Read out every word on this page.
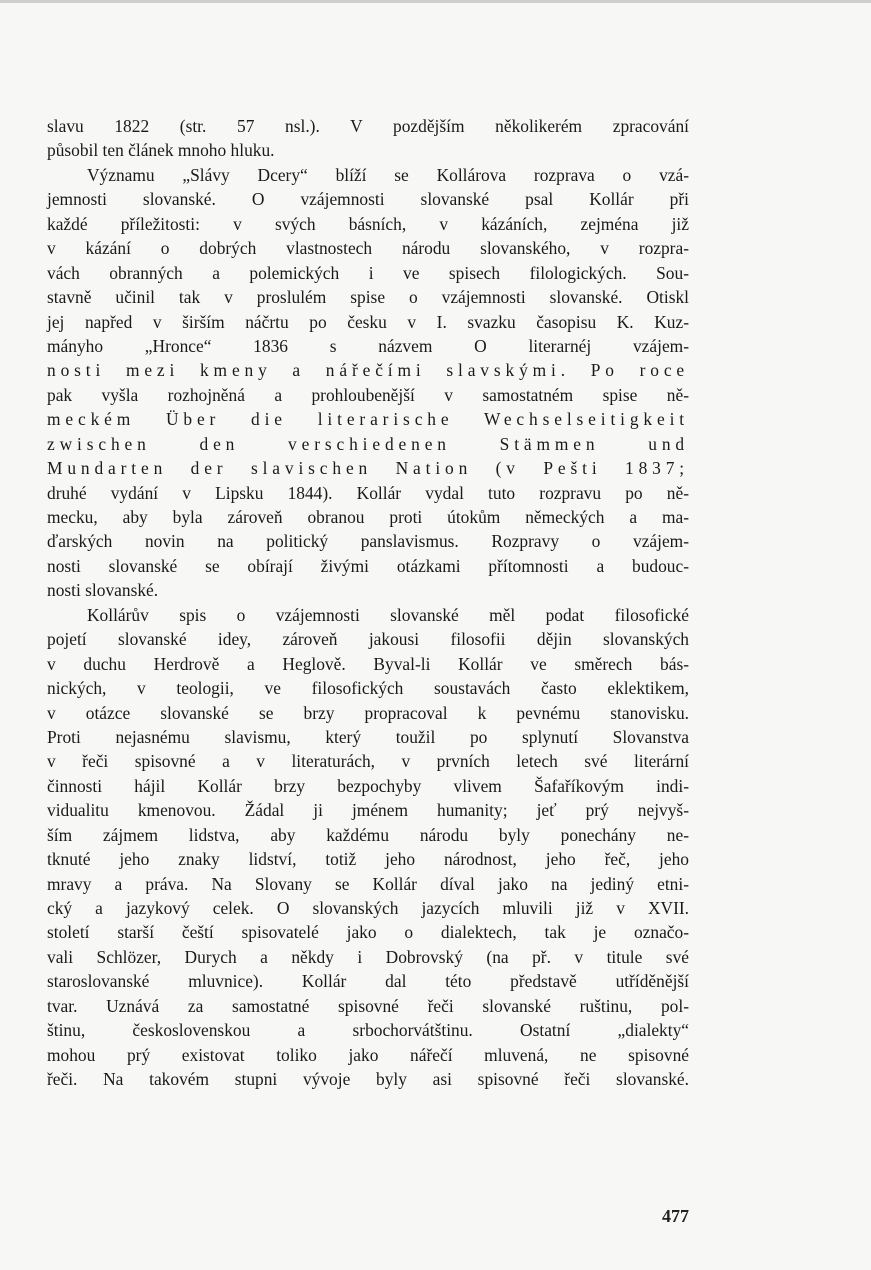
slavu 1822 (str. 57 nsl.). V pozdějším několikerém zpracování
působil ten článek mnoho hluku.
Významu „Slávy Dcery“ blíží se Kollárova rozprava o vzá-
jemnosti slovanské. O vzájemnosti slovanské psal Kollár při
každé příležitosti: v svých básních, v kázáních, zejména již
v kázání o dobrých vlastnostech národu slovanského, v rozpra-
vách obranných a polemických i ve spisech filologických. Sou-
stavně učinil tak v proslulém spise o vzájemnosti slovanské. Otiskl
jej napřed v širším náčrtu po česku v I. svazku časopisu K. Kuz-
mányho „Hronce“ 1836 s názvem O literarnéj vzájem-
nosti mezi kmeny a nářečími slavskými. Po roce
pak vyšla rozhojněná a prohloubenější v samostatném spise ně-
meckém Über die literarische Wechselseitigkeit
zwischen den verschiedenen Stämmen und
Mundarten der slavischen Nation (v Pešti 1837;
druhé vydání v Lipsku 1844). Kollár vydal tuto rozpravu po ně-
mecku, aby byla zároveň obranou proti útokům německých a ma-
ďarských novin na politický panslavismus. Rozpravy o vzájem-
nosti slovanské se obírají živými otázkami přítomnosti a budouc-
nosti slovanské.
Kollárův spis o vzájemnosti slovanské měl podat filosofické
pojetí slovanské idey, zároveň jakousi filosofii dějin slovanských
v duchu Herdrově a Heglově. Byval-li Kollár ve směrech bás-
nických, v teologii, ve filosofických soustavách často eklektikem,
v otázce slovanské se brzy propracoval k pevnému stanovisku.
Proti nejasnému slavismu, který toužil po splynutí Slovanstva
v řeči spisovné a v literaturách, v prvních letech své literární
činnosti hájil Kollár brzy bezpochyby vlivem Šafaříkovým indi-
vidualitu kmenovou. Žádal ji jménem humanity; jeť prý nejvyš-
ším zájmem lidstva, aby každému národu byly ponechány ne-
tknuté jeho znaky lidství, totiž jeho národnost, jeho řeč, jeho
mravy a práva. Na Slovany se Kollár díval jako na jediný etni-
cký a jazykový celek. O slovanských jazycích mluvili již v XVII.
století starší čeští spisovatelé jako o dialektech, tak je označo-
vali Schlözer, Durych a někdy i Dobrovský (na př. v titule své
staroslovanské mluvnice). Kollár dal této představě utříděnější
tvar. Uznává za samostatné spisovné řeči slovanské ruštinu, pol-
štinu, československou a srbochorvátštinu. Ostatní „dialekty“
mohou prý existovat toliko jako nářečí mluvená, ne spisovné
řeči. Na takovém stupni vývoje byly asi spisovné řeči slovanské.
477
